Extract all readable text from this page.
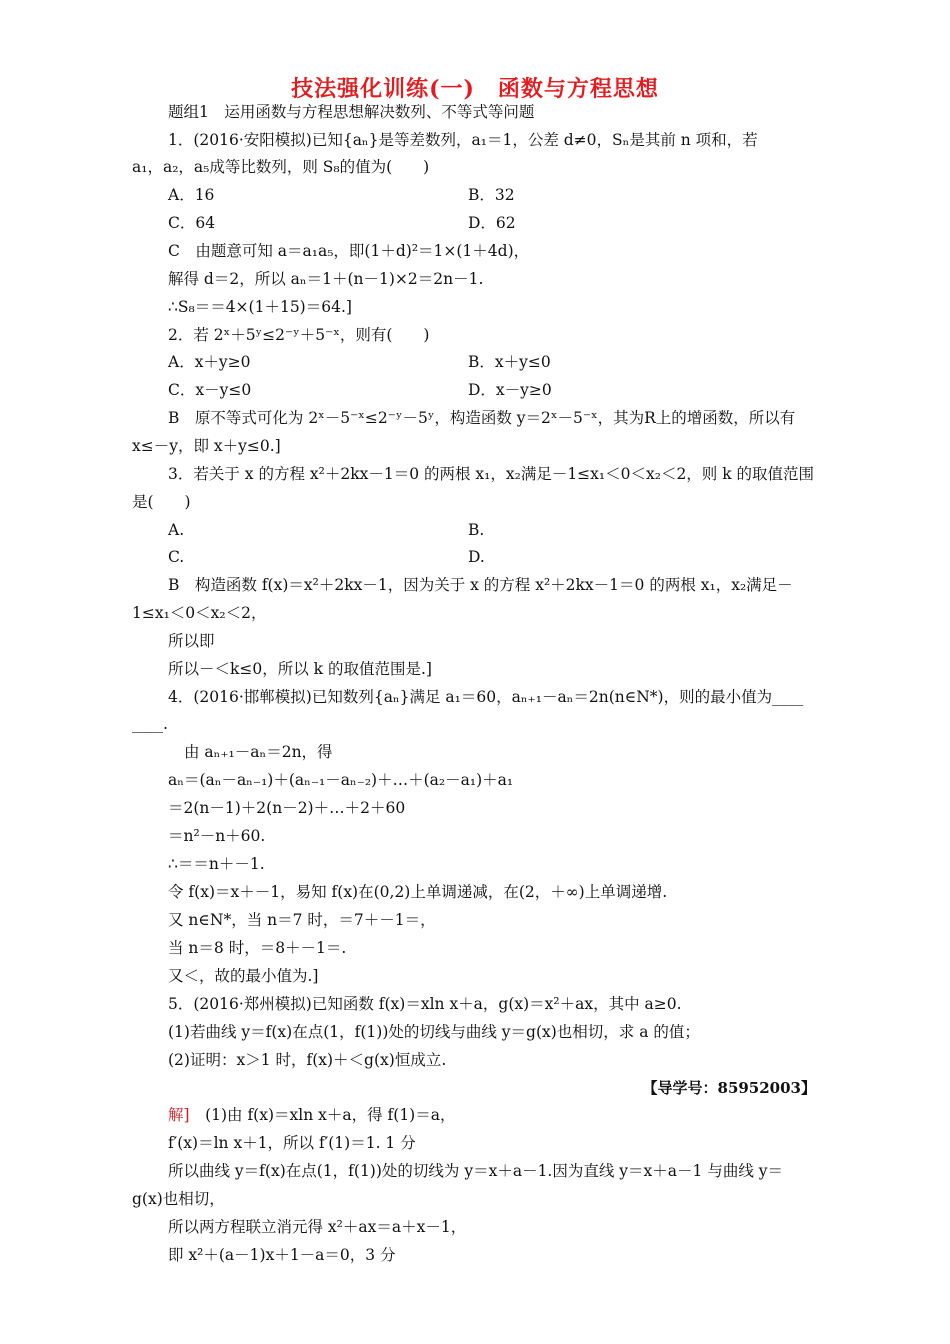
技法强化训练(一)　函数与方程思想
题组1　运用函数与方程思想解决数列、不等式等问题
1．(2016·安阳模拟)已知{aₙ}是等差数列，a₁＝1，公差 d≠0，Sₙ是其前 n 项和，若
a₁，a₂，a₅成等比数列，则 S₈的值为(　　)
A．16	B．32
C．64	D．62
C　由题意可知 a＝a₁a₅，即(1＋d)²＝1×(1＋4d)，
解得 d＝2，所以 aₙ＝1＋(n－1)×2＝2n－1.
∴S₈＝＝4×(1＋15)＝64.]
2．若 2ˣ＋5ʸ≤2⁻ʸ＋5⁻ˣ，则有(　　)
A．x＋y≥0	B．x＋y≤0
C．x－y≤0	D．x－y≥0
B　原不等式可化为 2ˣ－5⁻ˣ≤2⁻ʸ－5ʸ，构造函数 y＝2ˣ－5⁻ˣ，其为R上的增函数，所以有
x≤－y，即 x＋y≤0.]
3．若关于 x 的方程 x²＋2kx－1＝0 的两根 x₁，x₂满足－1≤x₁＜0＜x₂＜2，则 k 的取值范围
是(　　)
A.	B.
C.	D.
B　构造函数 f(x)＝x²＋2kx－1，因为关于 x 的方程 x²＋2kx－1＝0 的两根 x₁，x₂满足－
1≤x₁＜0＜x₂＜2，
所以即
所以－＜k≤0，所以 k 的取值范围是.]
4．(2016·邯郸模拟)已知数列{aₙ}满足 a₁＝60，aₙ₊₁－aₙ＝2n(n∈N*)，则的最小值为____
____.
由 aₙ₊₁－aₙ＝2n，得
aₙ＝(aₙ－aₙ₋₁)＋(aₙ₋₁－aₙ₋₂)＋…＋(a₂－a₁)＋a₁
＝2(n－1)＋2(n－2)＋…＋2＋60
＝n²－n＋60.
∴＝＝n＋－1.
令 f(x)＝x＋－1，易知 f(x)在(0,2)上单调递减，在(2，＋∞)上单调递增.
又 n∈N*，当 n＝7 时，＝7＋－1＝，
当 n＝8 时，＝8＋－1＝.
又＜，故的最小值为.]
5．(2016·郑州模拟)已知函数 f(x)＝xln x＋a，g(x)＝x²＋ax，其中 a≥0.
(1)若曲线 y＝f(x)在点(1，f(1))处的切线与曲线 y＝g(x)也相切，求 a 的值；
(2)证明：x＞1 时，f(x)＋＜g(x)恒成立.
【导学号：85952003】
解]　(1)由 f(x)＝xln x＋a，得 f(1)＝a，
f′(x)＝ln x＋1，所以 f′(1)＝1. 1 分
所以曲线 y＝f(x)在点(1，f(1))处的切线为 y＝x＋a－1.因为直线 y＝x＋a－1 与曲线 y＝
g(x)也相切，
所以两方程联立消元得 x²＋ax＝a＋x－1，
即 x²＋(a－1)x＋1－a＝0，3 分
